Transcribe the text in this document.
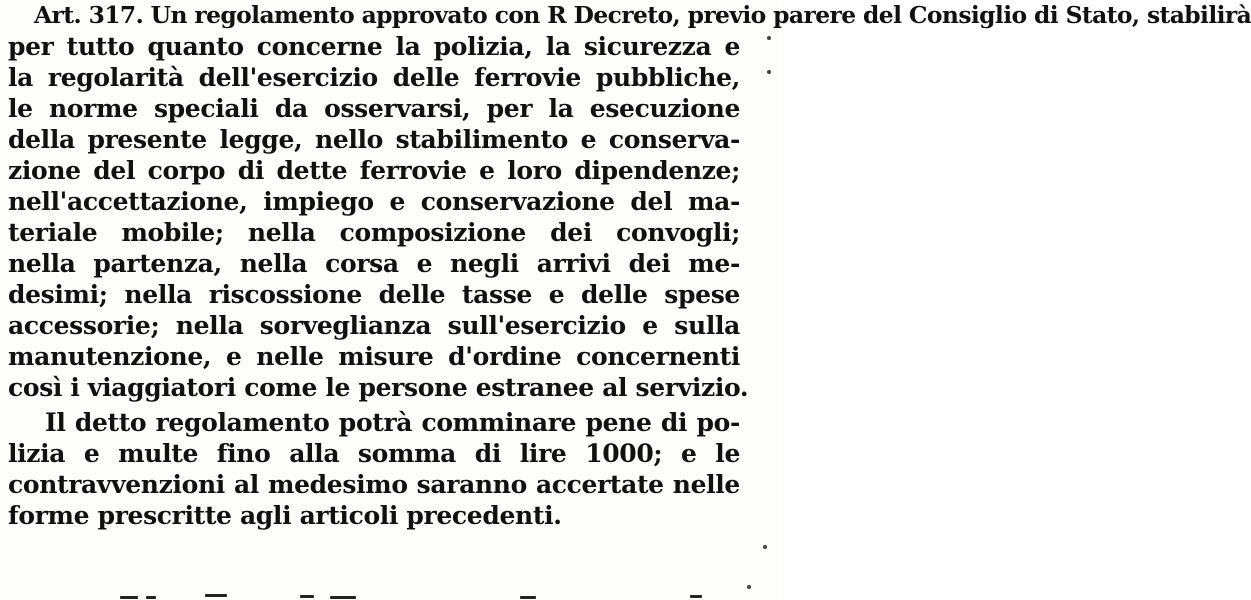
Art. 317. Un regolamento approvato con R Decreto, previo parere del Consiglio di Stato, stabilirà
per tutto quanto concerne la polizia, la sicurezza e
la regolarità dell'esercizio delle ferrovie pubbliche,
le norme speciali da osservarsi, per la esecuzione
della presente legge, nello stabilimento e conserva-
zione del corpo di dette ferrovie e loro dipendenze;
nell'accettazione, impiego e conservazione del ma-
teriale mobile; nella composizione dei convogli;
nella partenza, nella corsa e negli arrivi dei me-
desimi; nella riscossione delle tasse e delle spese
accessorie; nella sorveglianza sull'esercizio e sulla
manutenzione, e nelle misure d'ordine concernenti
così i viaggiatori come le persone estranee al servizio.
Il detto regolamento potrà comminare pene di po-
lizia e multe fino alla somma di lire 1000; e le
contravvenzioni al medesimo saranno accertate nelle
forme prescritte agli articoli precedenti.
